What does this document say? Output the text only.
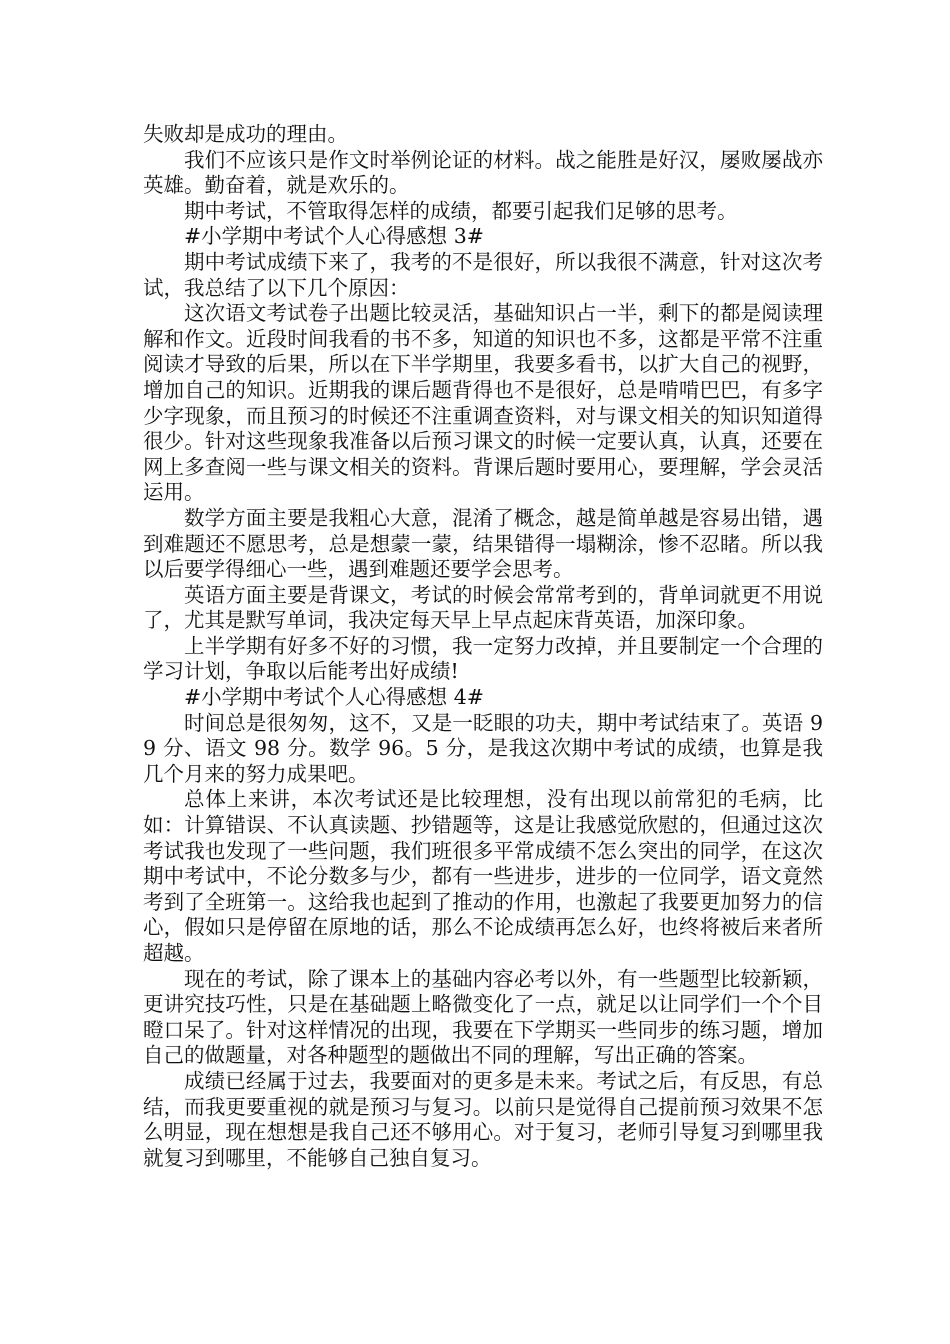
失败却是成功的理由。

我们不应该只是作文时举例论证的材料。战之能胜是好汉，屡败屡战亦英雄。勤奋着，就是欢乐的。

期中考试，不管取得怎样的成绩，都要引起我们足够的思考。

#小学期中考试个人心得感想 3#

期中考试成绩下来了，我考的不是很好，所以我很不满意，针对这次考试，我总结了以下几个原因：

这次语文考试卷子出题比较灵活，基础知识占一半，剩下的都是阅读理解和作文。近段时间我看的书不多，知道的知识也不多，这都是平常不注重阅读才导致的后果，所以在下半学期里，我要多看书，以扩大自己的视野，增加自己的知识。近期我的课后题背得也不是很好，总是啃啃巴巴，有多字少字现象，而且预习的时候还不注重调查资料，对与课文相关的知识知道得很少。针对这些现象我准备以后预习课文的时候一定要认真，认真，还要在网上多查阅一些与课文相关的资料。背课后题时要用心，要理解，学会灵活运用。

数学方面主要是我粗心大意，混淆了概念，越是简单越是容易出错，遇到难题还不愿思考，总是想蒙一蒙，结果错得一塌糊涂，惨不忍睹。所以我以后要学得细心一些，遇到难题还要学会思考。

英语方面主要是背课文，考试的时候会常常考到的，背单词就更不用说了，尤其是默写单词，我决定每天早上早点起床背英语，加深印象。

上半学期有好多不好的习惯，我一定努力改掉，并且要制定一个合理的学习计划，争取以后能考出好成绩!

#小学期中考试个人心得感想 4#

时间总是很匆匆，这不，又是一眨眼的功夫，期中考试结束了。英语 99 分、语文 98 分。数学 96。5 分，是我这次期中考试的成绩，也算是我几个月来的努力成果吧。

总体上来讲，本次考试还是比较理想，没有出现以前常犯的毛病，比如：计算错误、不认真读题、抄错题等，这是让我感觉欣慰的，但通过这次考试我也发现了一些问题，我们班很多平常成绩不怎么突出的同学，在这次期中考试中，不论分数多与少，都有一些进步，进步的一位同学，语文竟然考到了全班第一。这给我也起到了推动的作用，也激起了我要更加努力的信心，假如只是停留在原地的话，那么不论成绩再怎么好，也终将被后来者所超越。

现在的考试，除了课本上的基础内容必考以外，有一些题型比较新颖，更讲究技巧性，只是在基础题上略微变化了一点，就足以让同学们一个个目瞪口呆了。针对这样情况的出现，我要在下学期买一些同步的练习题，增加自己的做题量，对各种题型的题做出不同的理解，写出正确的答案。

成绩已经属于过去，我要面对的更多是未来。考试之后，有反思，有总结，而我更要重视的就是预习与复习。以前只是觉得自己提前预习效果不怎么明显，现在想想是我自己还不够用心。对于复习，老师引导复习到哪里我就复习到哪里，不能够自己独自复习。
